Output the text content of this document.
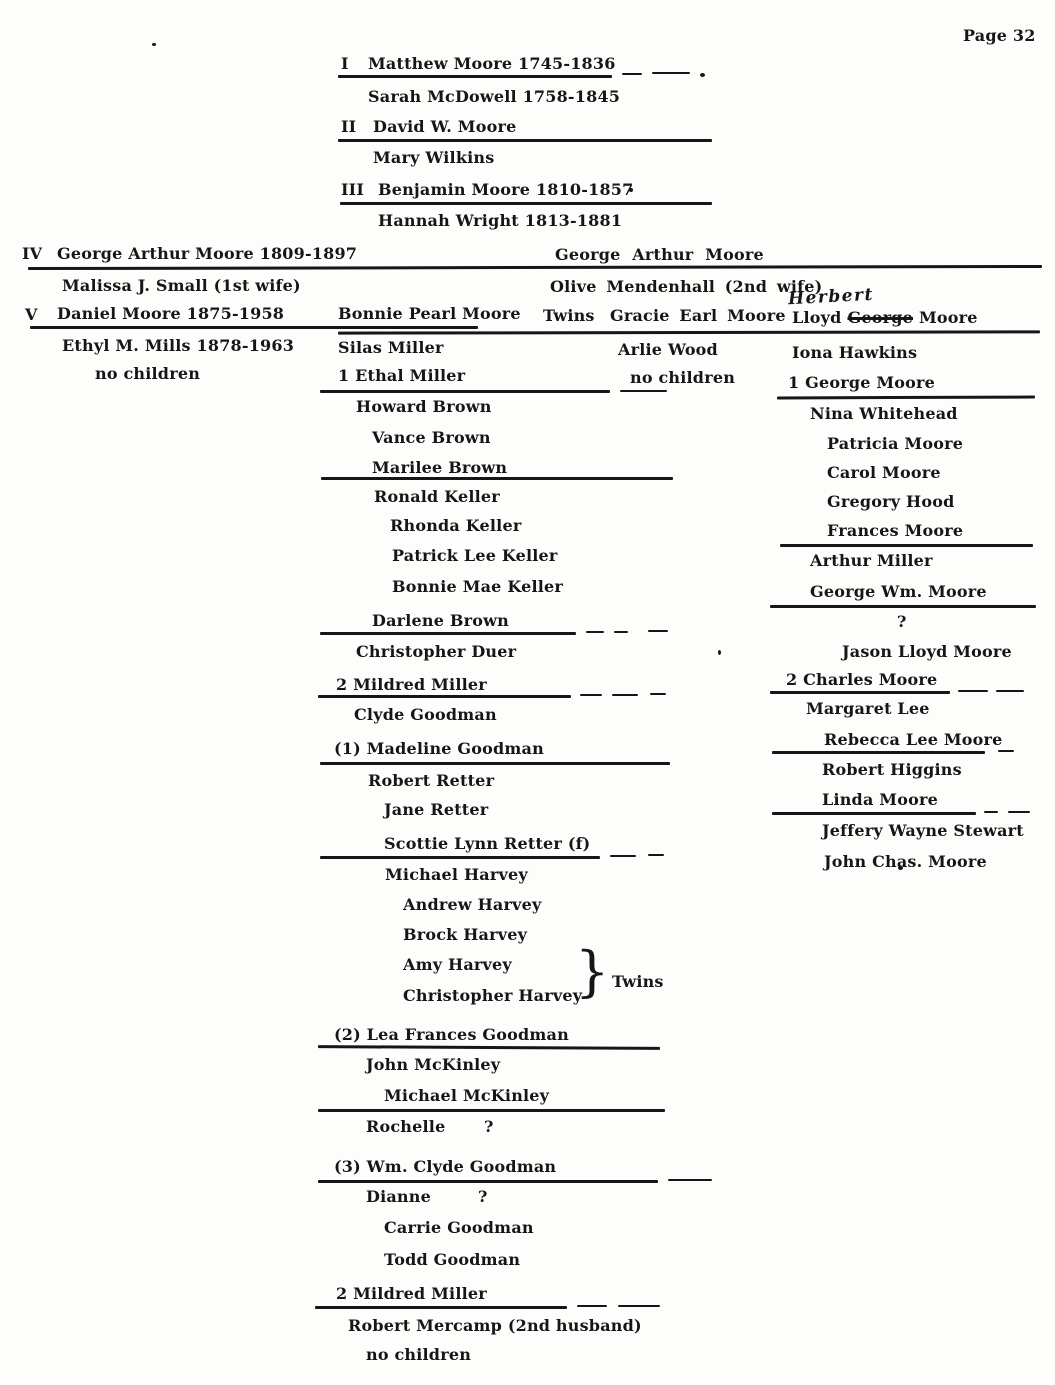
Page 32
I Matthew Moore 1745-1836
Sarah McDowell 1758-1845
II David W. Moore
Mary Wilkins
III Benjamin Moore 1810-1857
Hannah Wright 1813-1881
IV George Arthur Moore 1809-1897	George Arthur Moore
Malissa J. Small (1st wife)	Olive Mendenhall (2nd wife)
Herbert
V Daniel Moore 1875-1958	Bonnie Pearl Moore Twins Gracie Earl Moore Lloyd George Moore
Ethyl M. Mills 1878-1963	Silas Miller	Arlie Wood	Iona Hawkins
no children	no children
1 Ethal Miller
Howard Brown
Vance Brown
Marilee Brown
Ronald Keller
Rhonda Keller
Patrick Lee Keller
Bonnie Mae Keller
Darlene Brown
Christopher Duer
2 Mildred Miller
Clyde Goodman
(1) Madeline Goodman
Robert Retter
Jane Retter
Scottie Lynn Retter (f)
Michael Harvey
Andrew Harvey
Brock Harvey
Amy Harvey
Christopher Harvey
} Twins
(2) Lea Frances Goodman
John McKinley
Michael McKinley
Rochelle ?
(3) Wm. Clyde Goodman
Dianne	?
Carrie Goodman
Todd Goodman
2 Mildred Miller
Robert Mercamp (2nd husband)
no children
1 George Moore
Nina Whitehead
Patricia Moore
Carol Moore
Gregory Hood
Frances Moore
Arthur Miller
George Wm. Moore
?
Jason Lloyd Moore
2 Charles Moore
Margaret Lee
Rebecca Lee Moore
Robert Higgins
Linda Moore
Jeffery Wayne Stewart
John Chas. Moore
